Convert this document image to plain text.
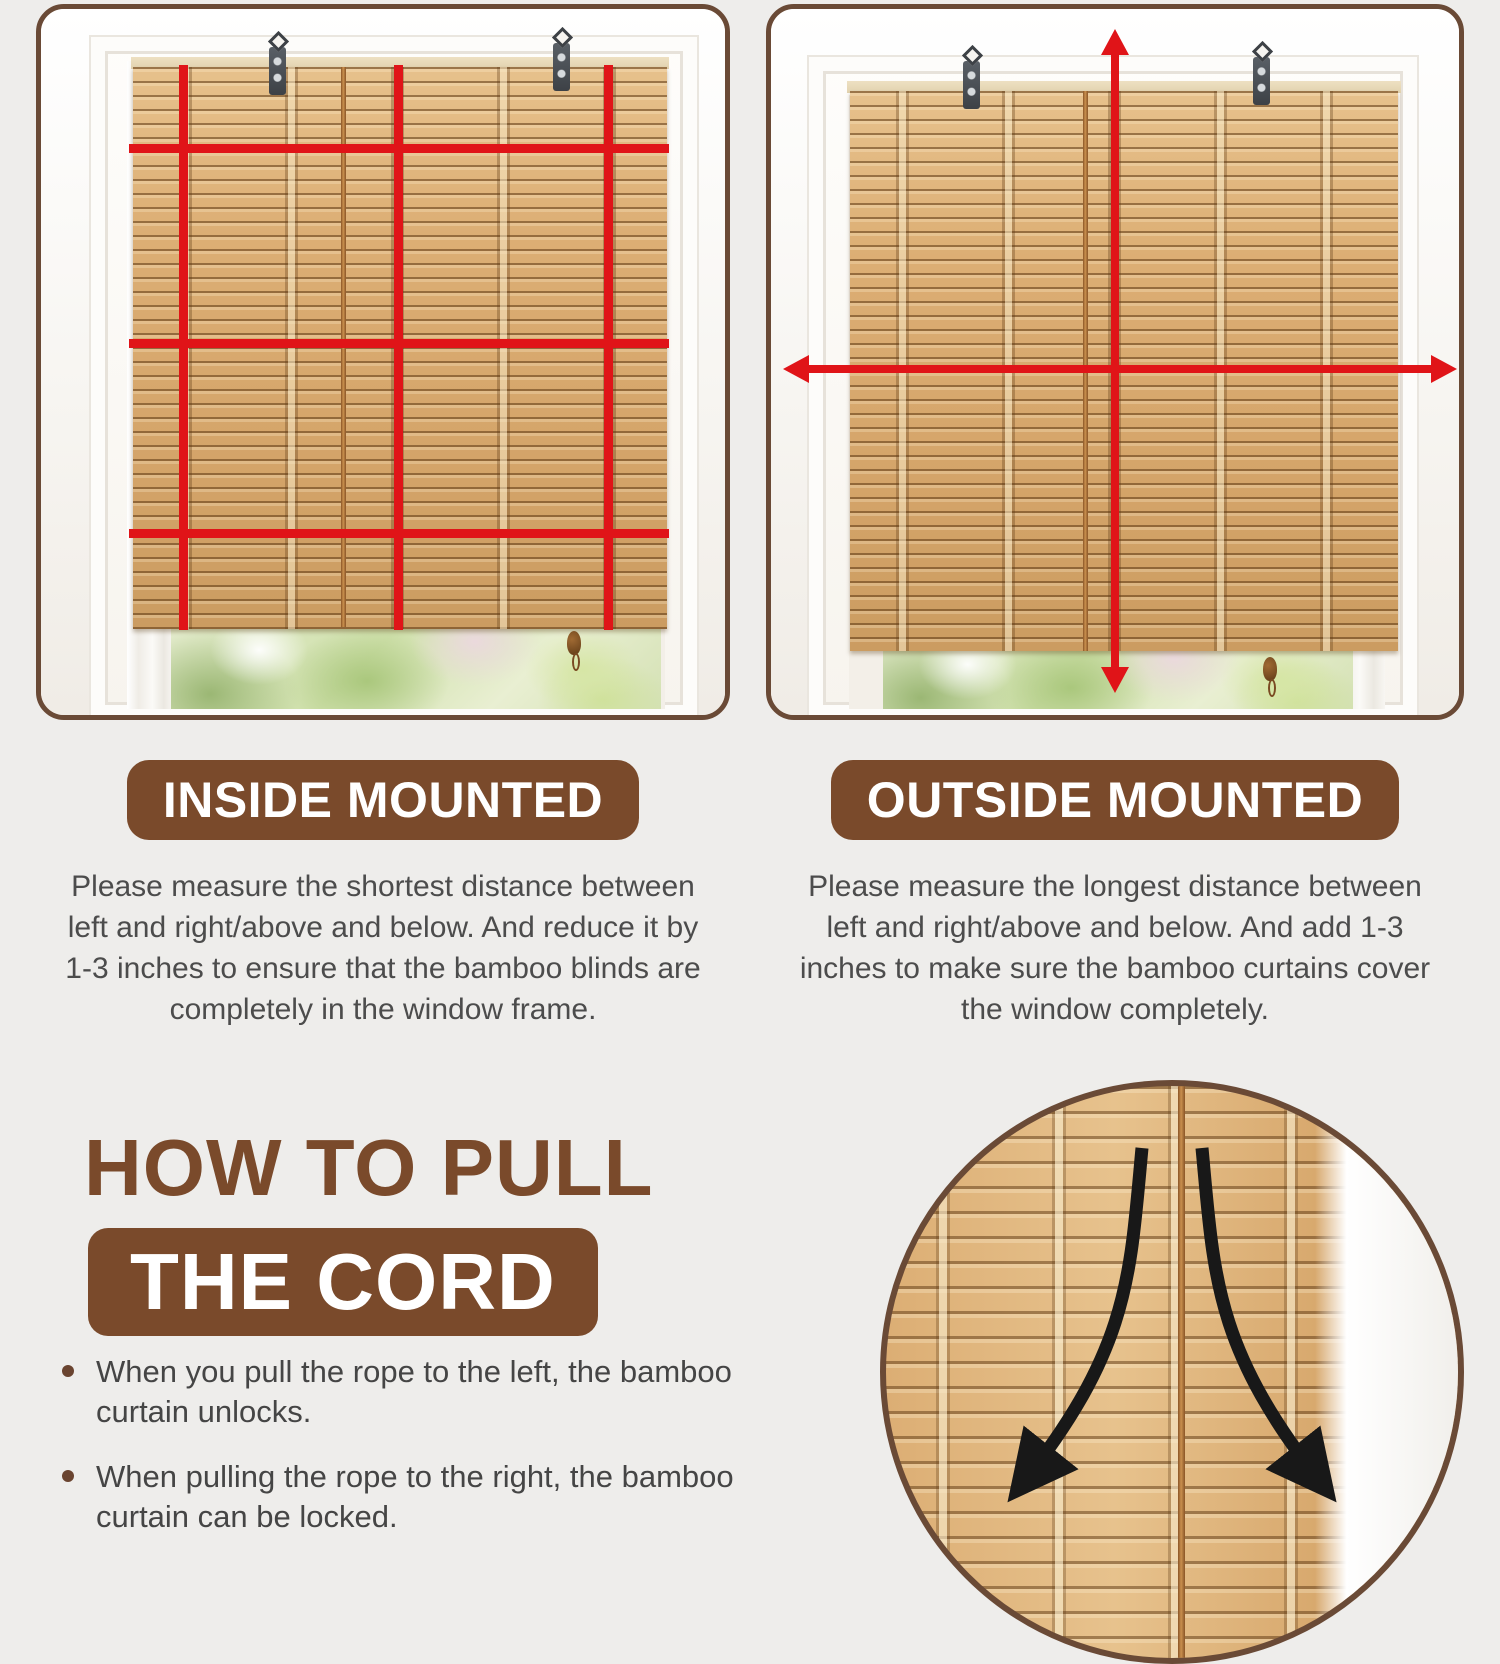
INSIDE MOUNTED

Please measure the shortest distance between left and right/above and below. And reduce it by 1-3 inches to ensure that the bamboo blinds are completely in the window frame.

OUTSIDE MOUNTED

Please measure the longest distance between left and right/above and below. And add 1-3 inches to make sure the bamboo curtains cover the window completely.

HOW TO PULL
THE CORD
When you pull the rope to the left, the bamboo curtain unlocks.
When pulling the rope to the right, the bamboo curtain can be locked.
